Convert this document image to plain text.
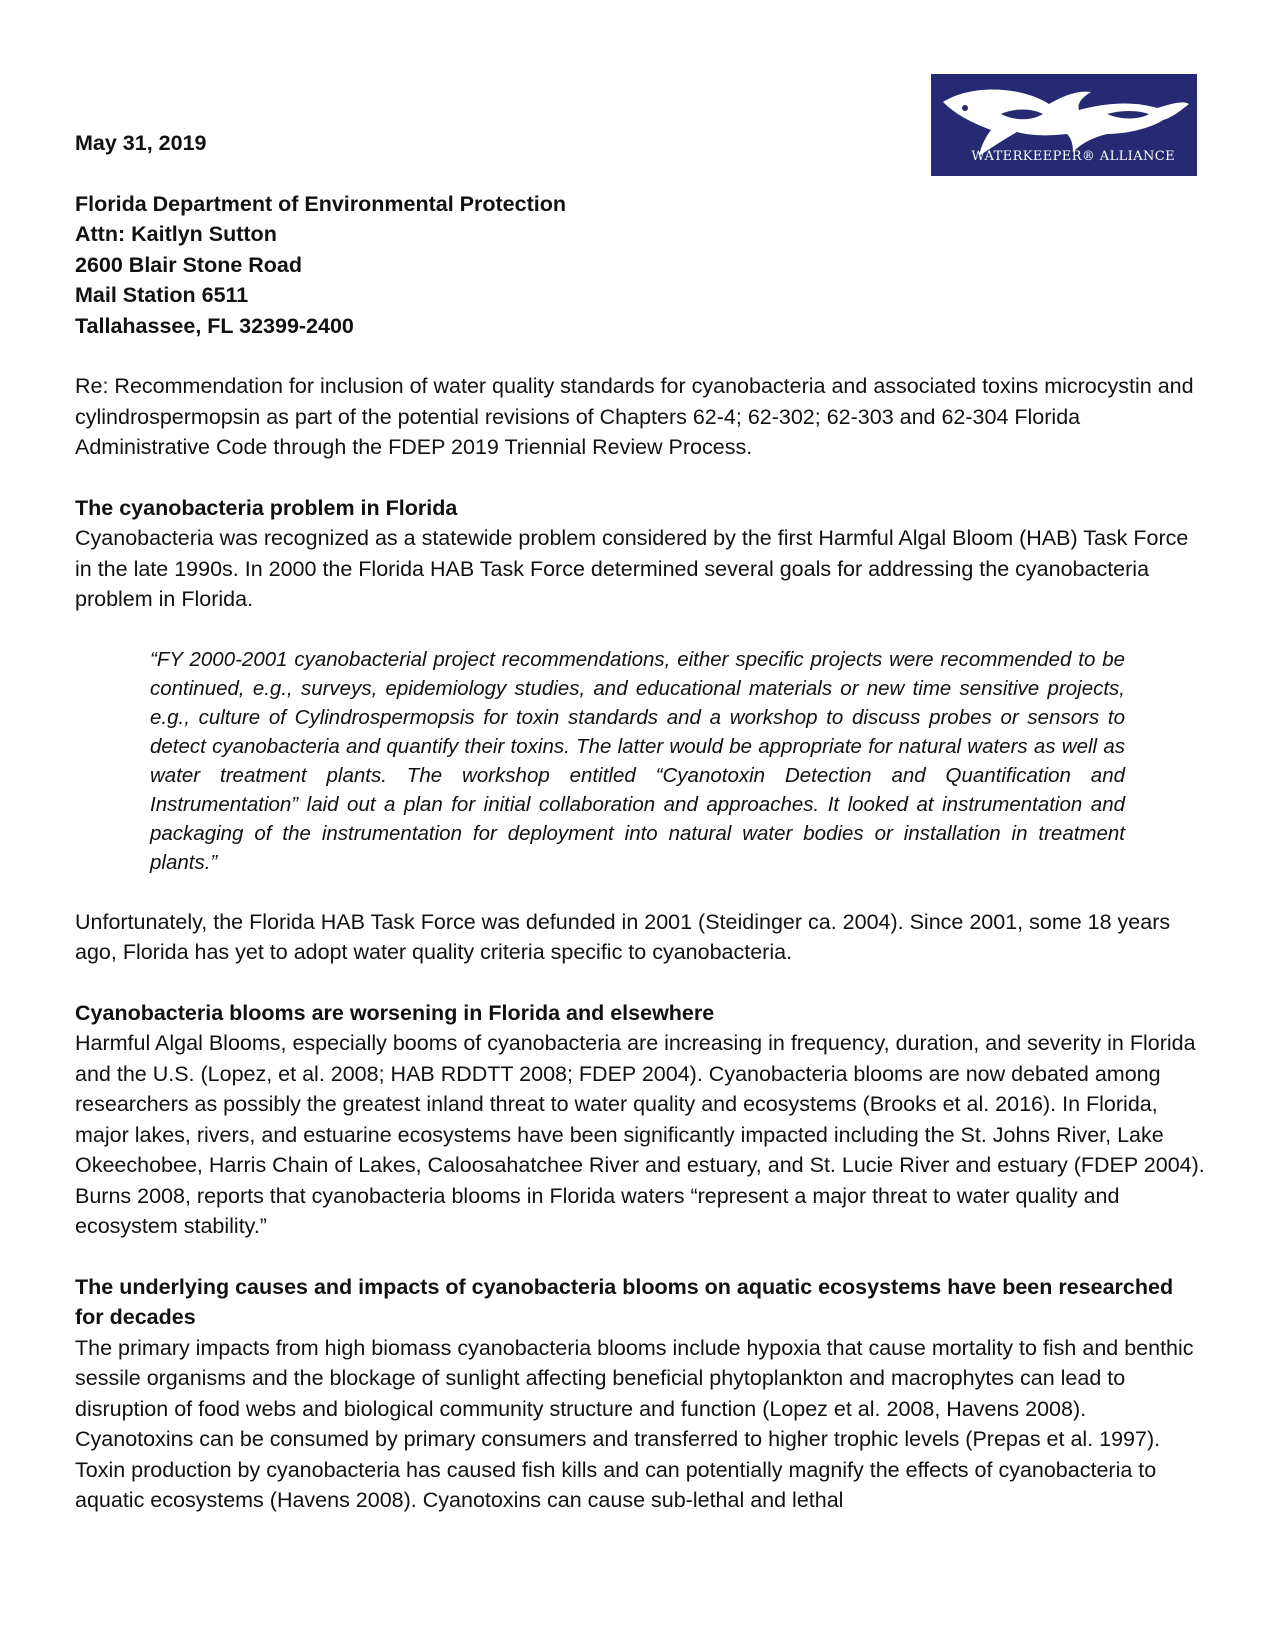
WATERKEEPER® ALLIANCE

May 31, 2019

Florida Department of Environmental Protection
Attn: Kaitlyn Sutton
2600 Blair Stone Road
Mail Station 6511
Tallahassee, FL 32399-2400

Re: Recommendation for inclusion of water quality standards for cyanobacteria and associated toxins microcystin and cylindrospermopsin as part of the potential revisions of Chapters 62-4; 62-302; 62-303 and 62-304 Florida Administrative Code through the FDEP 2019 Triennial Review Process.

The cyanobacteria problem in Florida

Cyanobacteria was recognized as a statewide problem considered by the first Harmful Algal Bloom (HAB) Task Force in the late 1990s. In 2000 the Florida HAB Task Force determined several goals for addressing the cyanobacteria problem in Florida.

“FY 2000-2001 cyanobacterial project recommendations, either specific projects were recommended to be continued, e.g., surveys, epidemiology studies, and educational materials or new time sensitive projects, e.g., culture of Cylindrospermopsis for toxin standards and a workshop to discuss probes or sensors to detect cyanobacteria and quantify their toxins. The latter would be appropriate for natural waters as well as water treatment plants. The workshop entitled “Cyanotoxin Detection and Quantification and Instrumentation” laid out a plan for initial collaboration and approaches. It looked at instrumentation and packaging of the instrumentation for deployment into natural water bodies or installation in treatment plants.”

Unfortunately, the Florida HAB Task Force was defunded in 2001 (Steidinger ca. 2004). Since 2001, some 18 years ago, Florida has yet to adopt water quality criteria specific to cyanobacteria.

Cyanobacteria blooms are worsening in Florida and elsewhere

Harmful Algal Blooms, especially booms of cyanobacteria are increasing in frequency, duration, and severity in Florida and the U.S. (Lopez, et al. 2008; HAB RDDTT 2008; FDEP 2004). Cyanobacteria blooms are now debated among researchers as possibly the greatest inland threat to water quality and ecosystems (Brooks et al. 2016). In Florida, major lakes, rivers, and estuarine ecosystems have been significantly impacted including the St. Johns River, Lake Okeechobee, Harris Chain of Lakes, Caloosahatchee River and estuary, and St. Lucie River and estuary (FDEP 2004). Burns 2008, reports that cyanobacteria blooms in Florida waters “represent a major threat to water quality and ecosystem stability.”

The underlying causes and impacts of cyanobacteria blooms on aquatic ecosystems have been researched for decades

The primary impacts from high biomass cyanobacteria blooms include hypoxia that cause mortality to fish and benthic sessile organisms and the blockage of sunlight affecting beneficial phytoplankton and macrophytes can lead to disruption of food webs and biological community structure and function (Lopez et al. 2008, Havens 2008). Cyanotoxins can be consumed by primary consumers and transferred to higher trophic levels (Prepas et al. 1997). Toxin production by cyanobacteria has caused fish kills and can potentially magnify the effects of cyanobacteria to aquatic ecosystems (Havens 2008). Cyanotoxins can cause sub-lethal and lethal
